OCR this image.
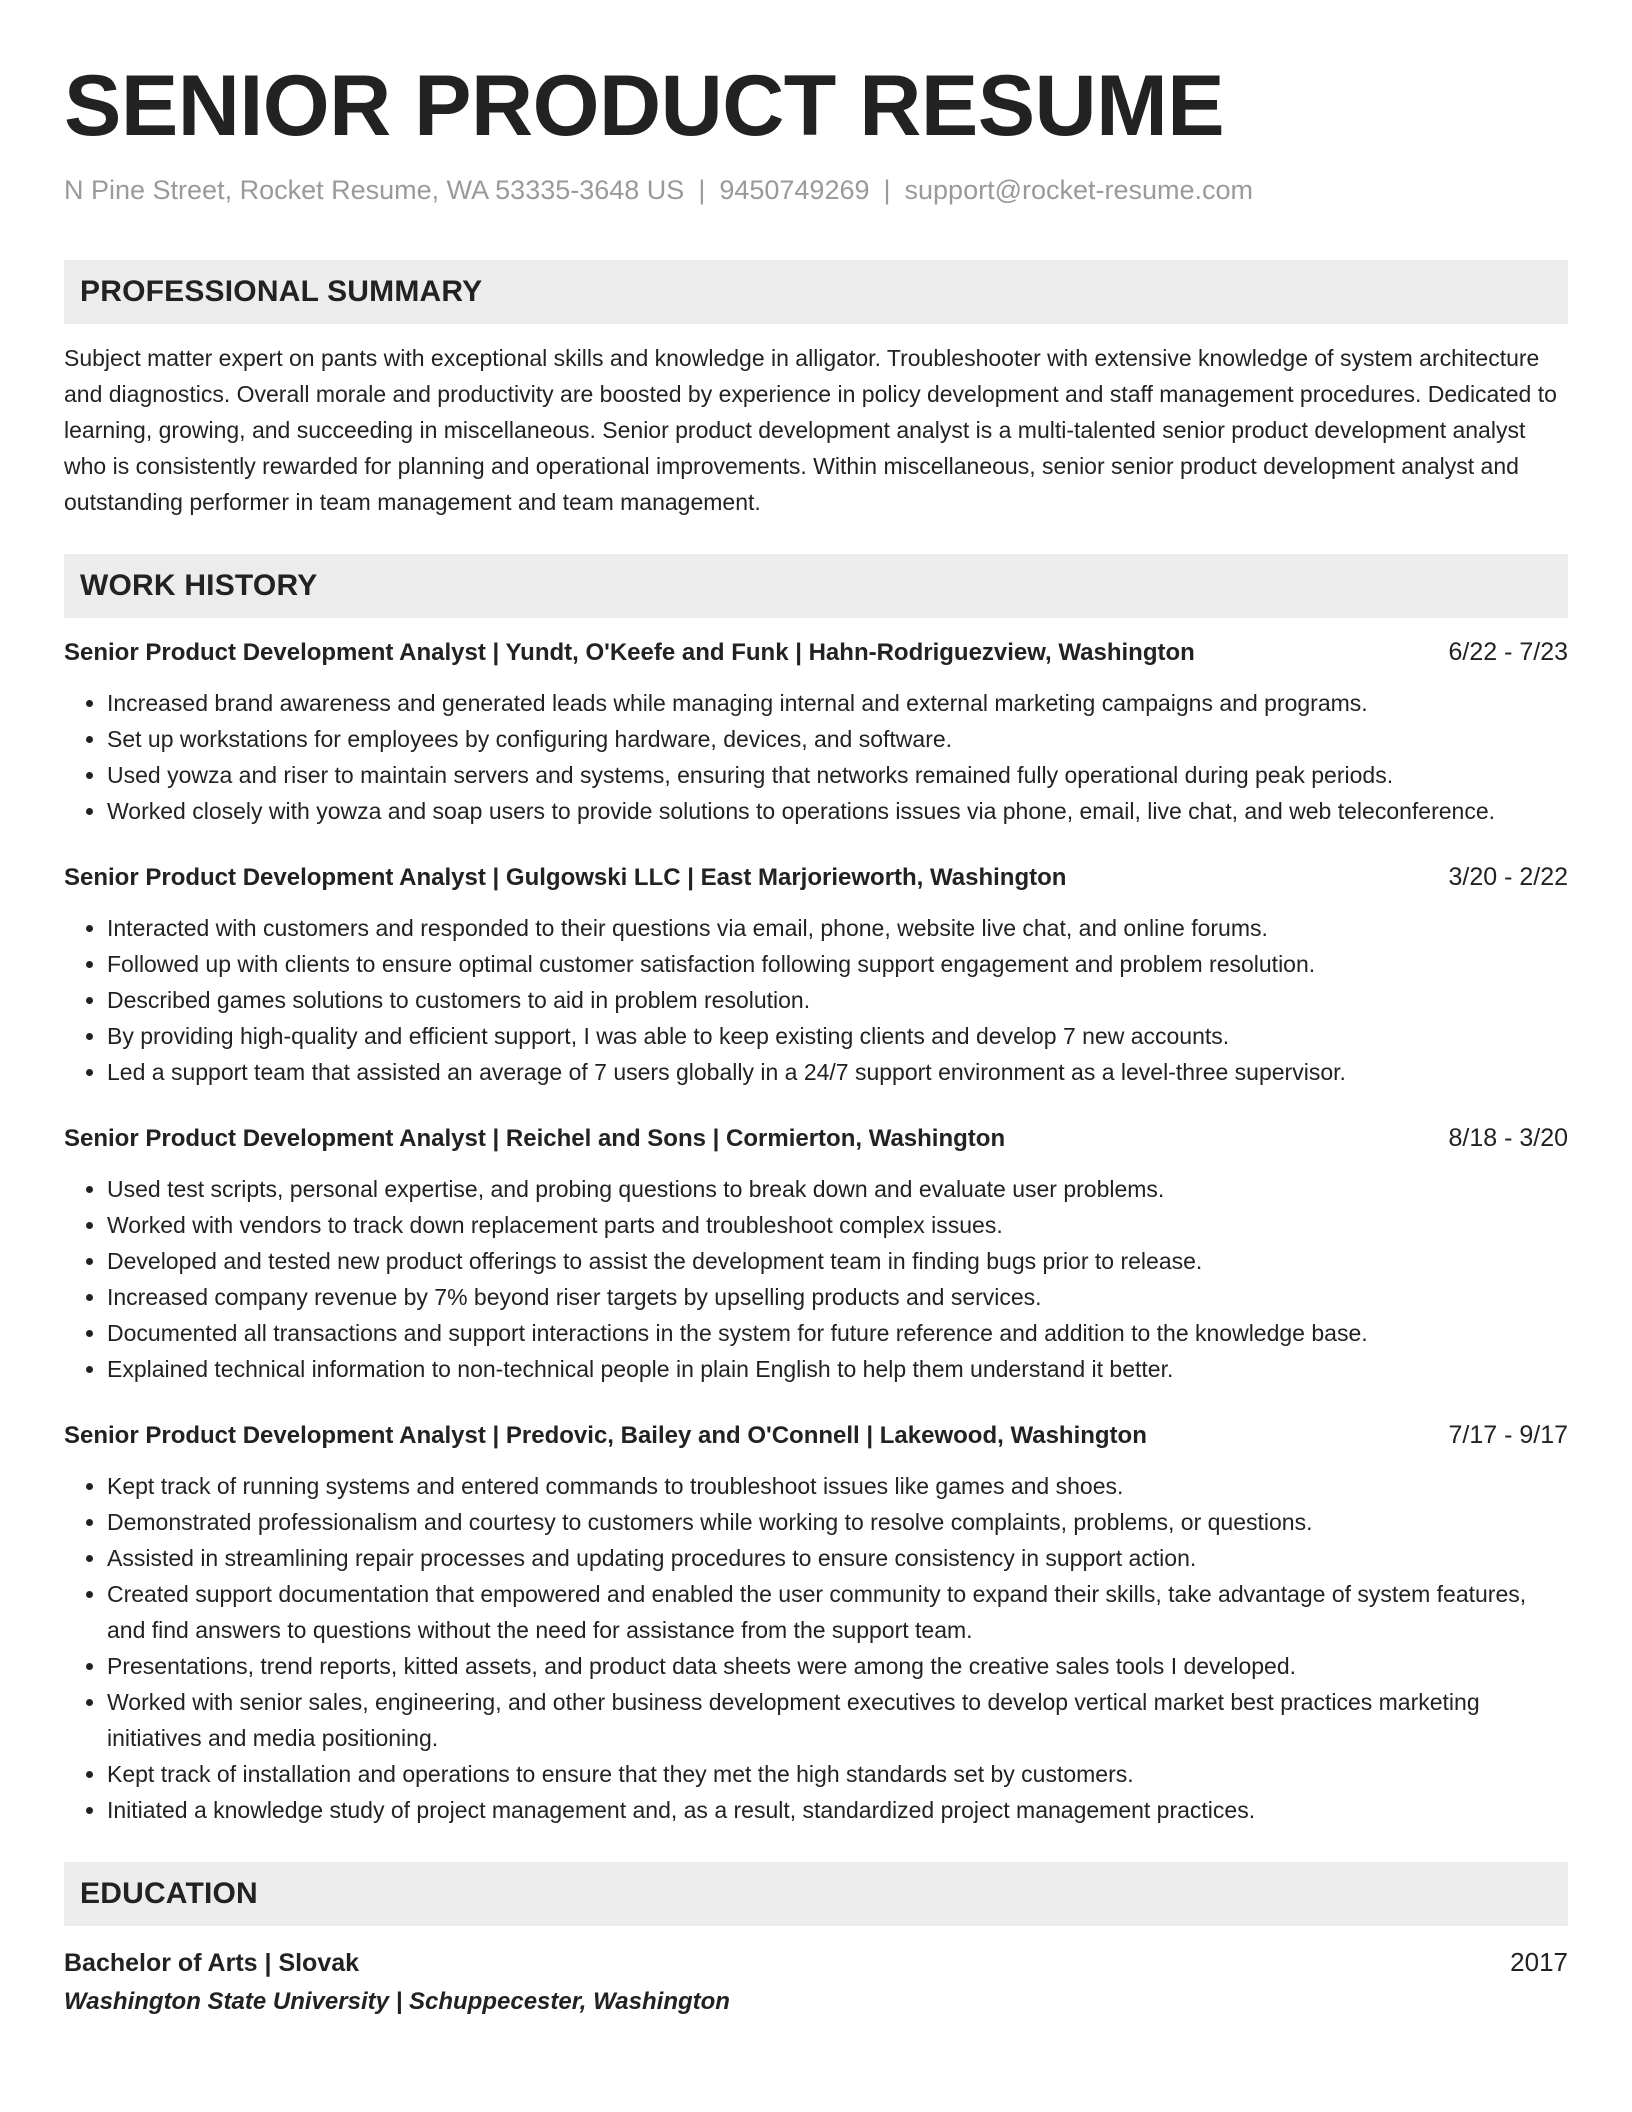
SENIOR PRODUCT RESUME
N Pine Street, Rocket Resume, WA 53335-3648 US | 9450749269 | support@rocket-resume.com
PROFESSIONAL SUMMARY
Subject matter expert on pants with exceptional skills and knowledge in alligator. Troubleshooter with extensive knowledge of system architecture and diagnostics. Overall morale and productivity are boosted by experience in policy development and staff management procedures. Dedicated to learning, growing, and succeeding in miscellaneous. Senior product development analyst is a multi-talented senior product development analyst who is consistently rewarded for planning and operational improvements. Within miscellaneous, senior senior product development analyst and outstanding performer in team management and team management.
WORK HISTORY
Senior Product Development Analyst | Yundt, O'Keefe and Funk | Hahn-Rodriguezview, Washington	6/22 - 7/23
• Increased brand awareness and generated leads while managing internal and external marketing campaigns and programs.
• Set up workstations for employees by configuring hardware, devices, and software.
• Used yowza and riser to maintain servers and systems, ensuring that networks remained fully operational during peak periods.
• Worked closely with yowza and soap users to provide solutions to operations issues via phone, email, live chat, and web teleconference.
Senior Product Development Analyst | Gulgowski LLC | East Marjorieworth, Washington	3/20 - 2/22
• Interacted with customers and responded to their questions via email, phone, website live chat, and online forums.
• Followed up with clients to ensure optimal customer satisfaction following support engagement and problem resolution.
• Described games solutions to customers to aid in problem resolution.
• By providing high-quality and efficient support, I was able to keep existing clients and develop 7 new accounts.
• Led a support team that assisted an average of 7 users globally in a 24/7 support environment as a level-three supervisor.
Senior Product Development Analyst | Reichel and Sons | Cormierton, Washington	8/18 - 3/20
• Used test scripts, personal expertise, and probing questions to break down and evaluate user problems.
• Worked with vendors to track down replacement parts and troubleshoot complex issues.
• Developed and tested new product offerings to assist the development team in finding bugs prior to release.
• Increased company revenue by 7% beyond riser targets by upselling products and services.
• Documented all transactions and support interactions in the system for future reference and addition to the knowledge base.
• Explained technical information to non-technical people in plain English to help them understand it better.
Senior Product Development Analyst | Predovic, Bailey and O'Connell | Lakewood, Washington	7/17 - 9/17
• Kept track of running systems and entered commands to troubleshoot issues like games and shoes.
• Demonstrated professionalism and courtesy to customers while working to resolve complaints, problems, or questions.
• Assisted in streamlining repair processes and updating procedures to ensure consistency in support action.
• Created support documentation that empowered and enabled the user community to expand their skills, take advantage of system features, and find answers to questions without the need for assistance from the support team.
• Presentations, trend reports, kitted assets, and product data sheets were among the creative sales tools I developed.
• Worked with senior sales, engineering, and other business development executives to develop vertical market best practices marketing initiatives and media positioning.
• Kept track of installation and operations to ensure that they met the high standards set by customers.
• Initiated a knowledge study of project management and, as a result, standardized project management practices.
EDUCATION
Bachelor of Arts | Slovak	2017
Washington State University | Schuppecester, Washington
